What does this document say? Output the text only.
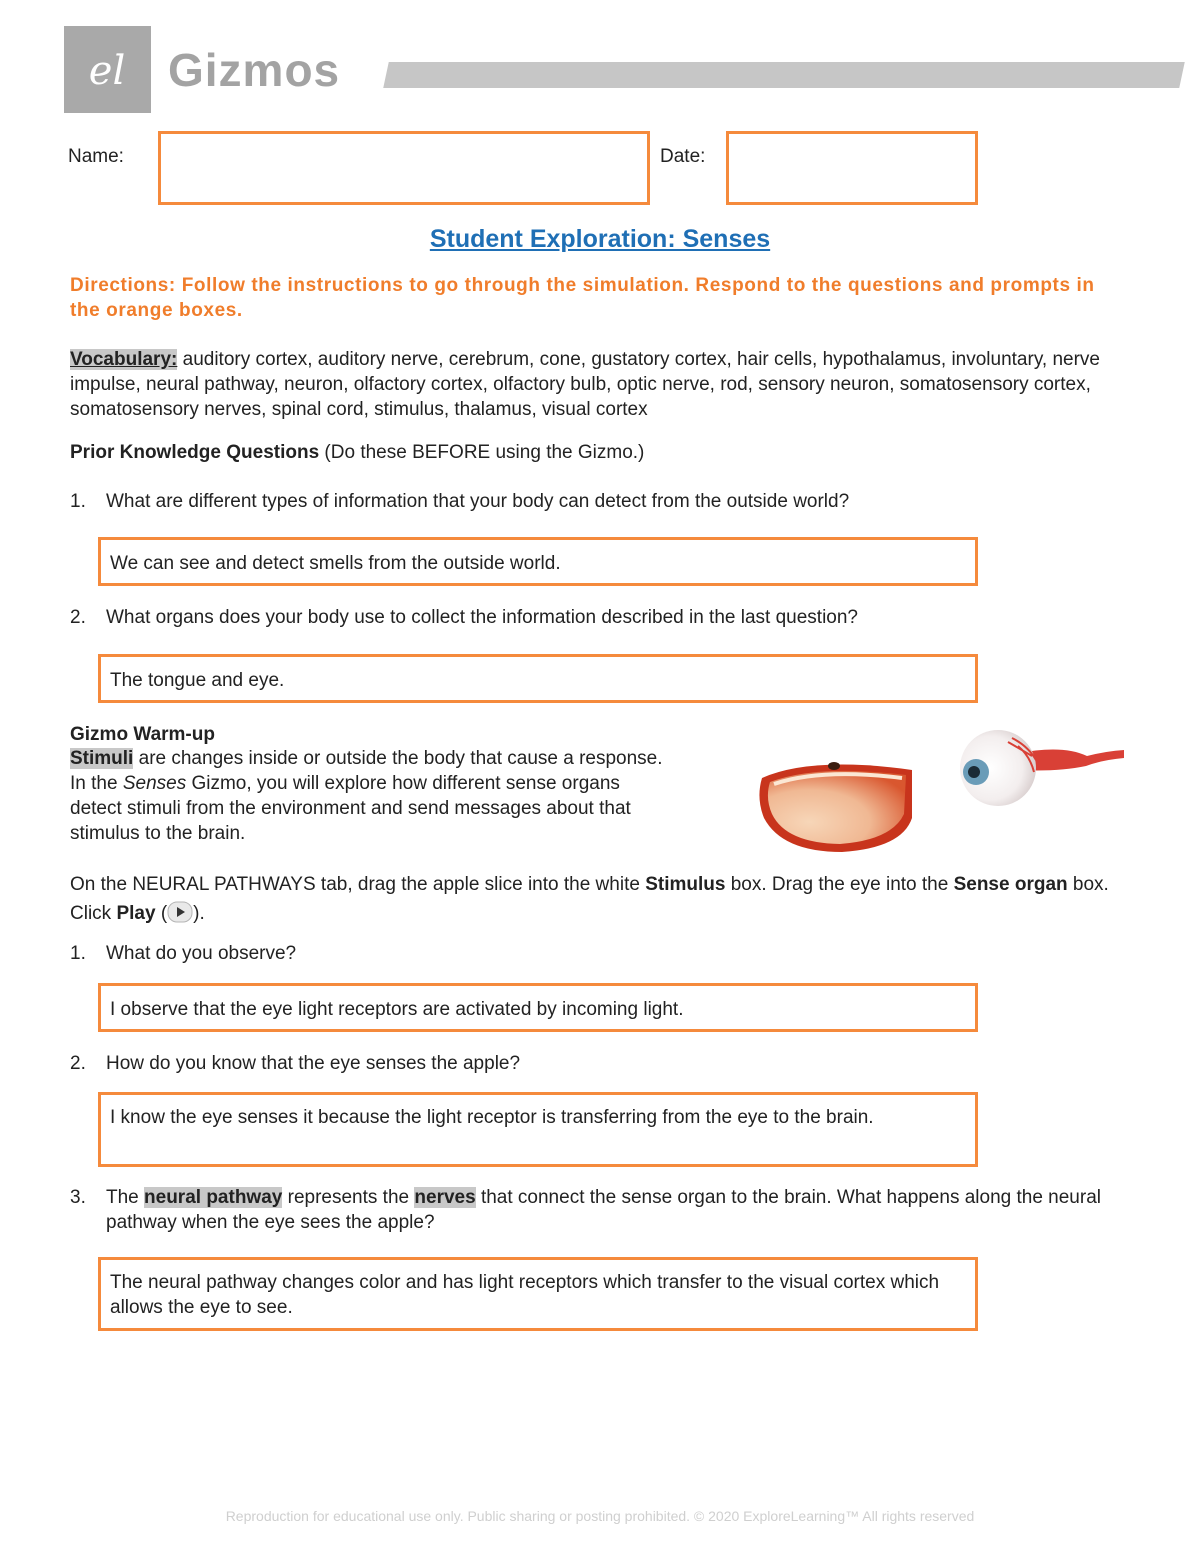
el Gizmos
Name:	Date:
Student Exploration: Senses
Directions: Follow the instructions to go through the simulation. Respond to the questions and prompts in the orange boxes.
Vocabulary: auditory cortex, auditory nerve, cerebrum, cone, gustatory cortex, hair cells, hypothalamus, involuntary, nerve impulse, neural pathway, neuron, olfactory cortex, olfactory bulb, optic nerve, rod, sensory neuron, somatosensory cortex, somatosensory nerves, spinal cord, stimulus, thalamus, visual cortex
Prior Knowledge Questions (Do these BEFORE using the Gizmo.)
1. What are different types of information that your body can detect from the outside world?
We can see and detect smells from the outside world.
2. What organs does your body use to collect the information described in the last question?
The tongue and eye.
Gizmo Warm-up
Stimuli are changes inside or outside the body that cause a response. In the Senses Gizmo, you will explore how different sense organs detect stimuli from the environment and send messages about that stimulus to the brain.
On the NEURAL PATHWAYS tab, drag the apple slice into the white Stimulus box. Drag the eye into the Sense organ box. Click Play ( ).
1. What do you observe?
I observe that the eye light receptors are activated by incoming light.
2. How do you know that the eye senses the apple?
I know the eye senses it because the light receptor is transferring from the eye to the brain.
3. The neural pathway represents the nerves that connect the sense organ to the brain. What happens along the neural pathway when the eye sees the apple?
The neural pathway changes color and has light receptors which transfer to the visual cortex which allows the eye to see.
Reproduction for educational use only. Public sharing or posting prohibited. © 2020 ExploreLearning™ All rights reserved
